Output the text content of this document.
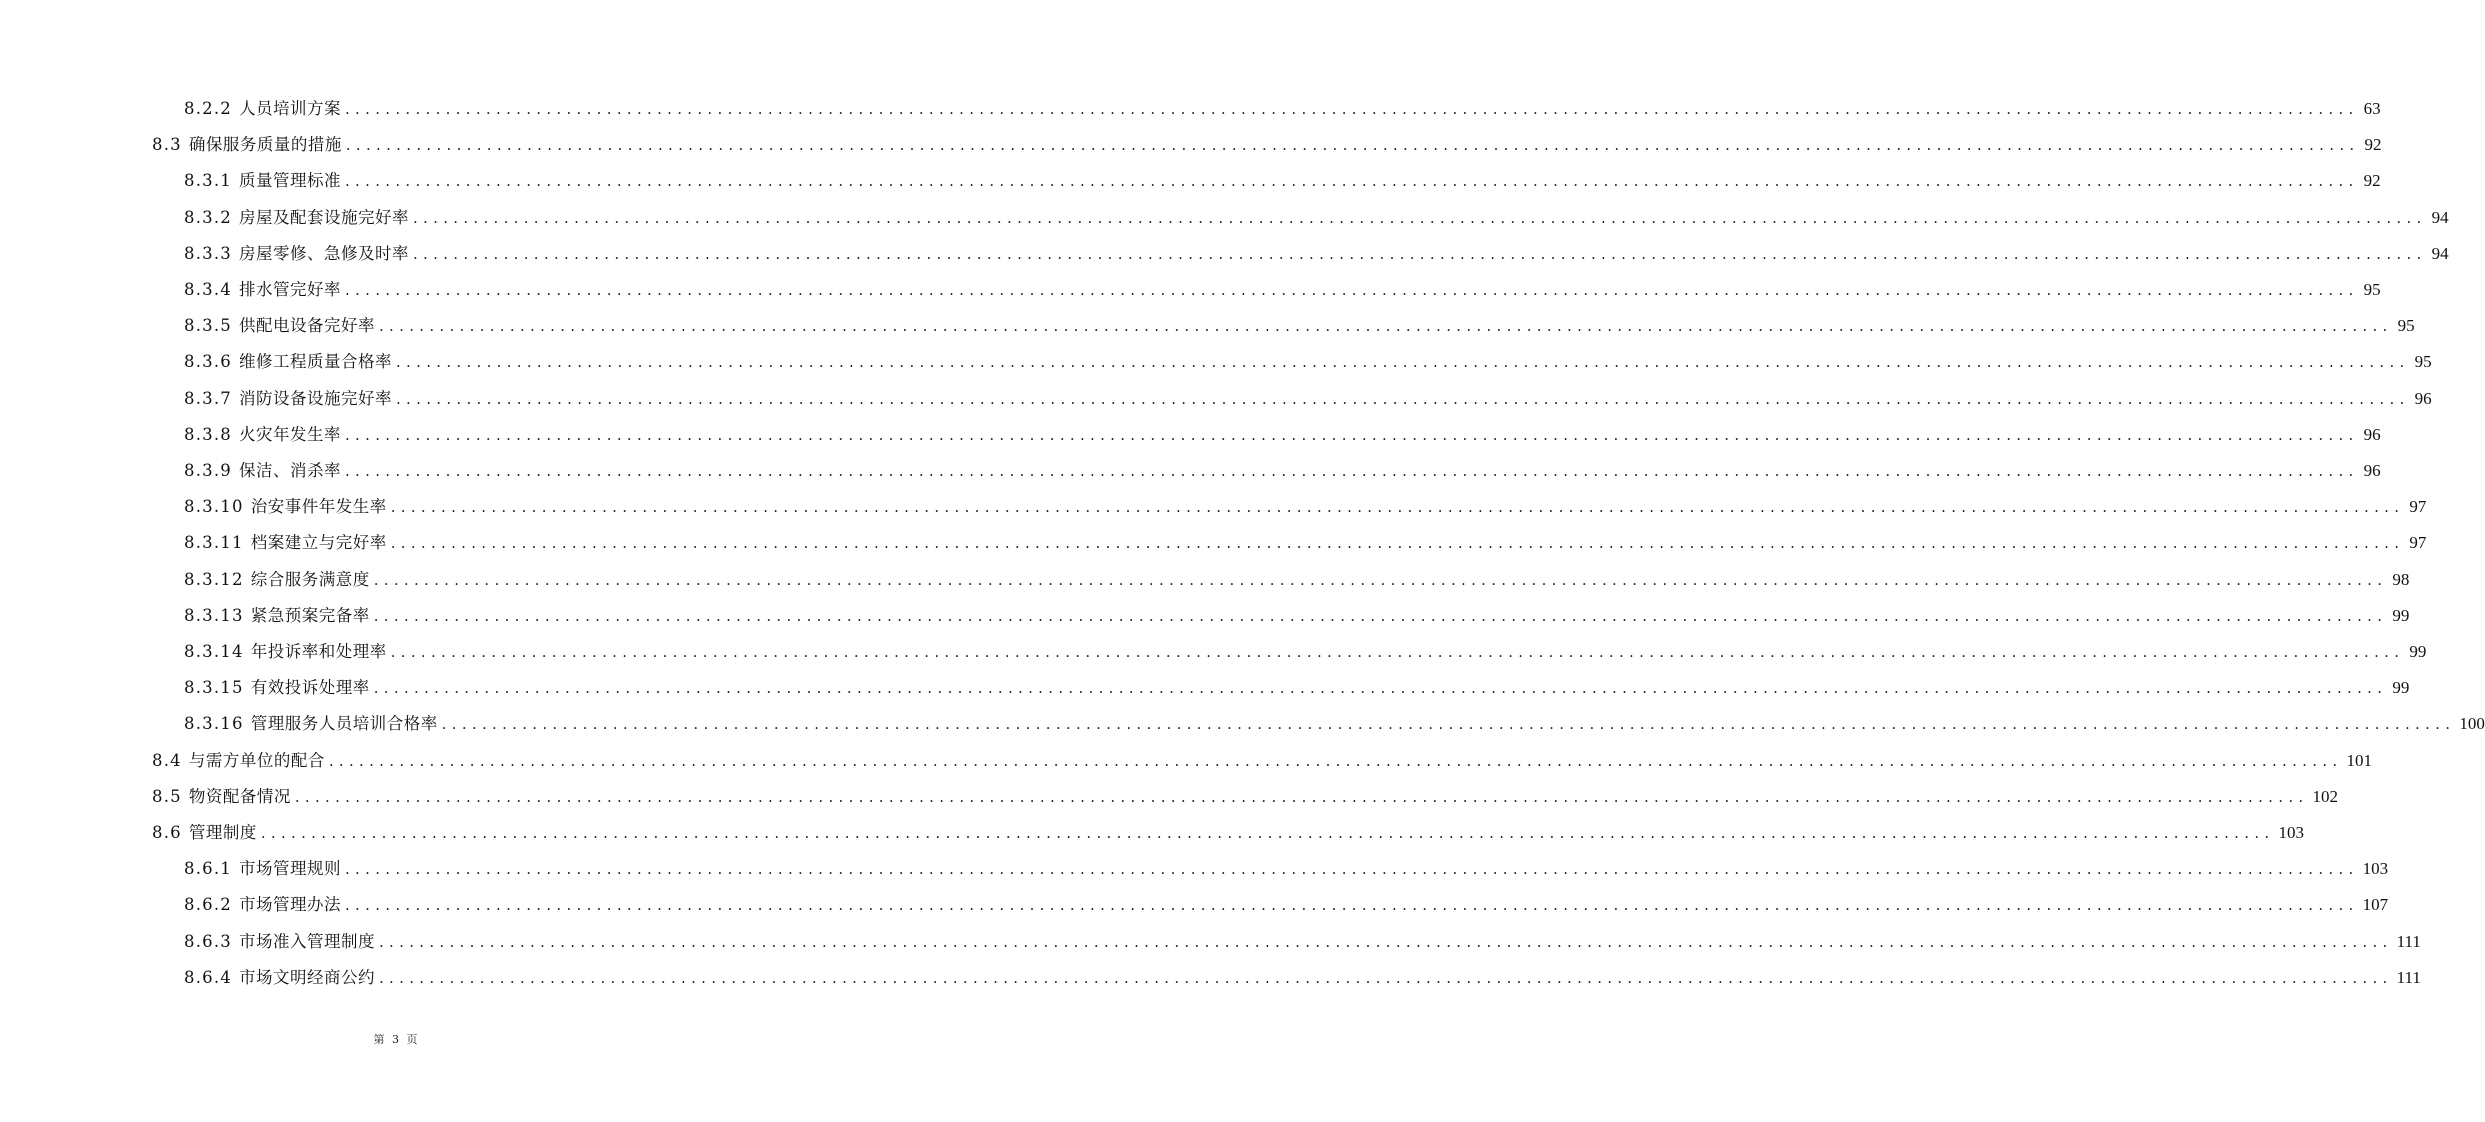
8.2.2 人员培训方案 ........................................................................................................................................................................................................ 63
8.3 确保服务质量的措施 ........................................................................................................................................................................................................ 92
8.3.1 质量管理标准 ........................................................................................................................................................................................................ 92
8.3.2 房屋及配套设施完好率 ........................................................................................................................................................................................................ 94
8.3.3 房屋零修、急修及时率 ........................................................................................................................................................................................................ 94
8.3.4 排水管完好率 ........................................................................................................................................................................................................ 95
8.3.5 供配电设备完好率 ........................................................................................................................................................................................................ 95
8.3.6 维修工程质量合格率 ........................................................................................................................................................................................................ 95
8.3.7 消防设备设施完好率 ........................................................................................................................................................................................................ 96
8.3.8 火灾年发生率 ........................................................................................................................................................................................................ 96
8.3.9 保洁、消杀率 ........................................................................................................................................................................................................ 96
8.3.10 治安事件年发生率 ........................................................................................................................................................................................................ 97
8.3.11 档案建立与完好率 ........................................................................................................................................................................................................ 97
8.3.12 综合服务满意度 ........................................................................................................................................................................................................ 98
8.3.13 紧急预案完备率 ........................................................................................................................................................................................................ 99
8.3.14 年投诉率和处理率 ........................................................................................................................................................................................................ 99
8.3.15 有效投诉处理率 ........................................................................................................................................................................................................ 99
8.3.16 管理服务人员培训合格率 ........................................................................................................................................................................................................ 100
8.4 与需方单位的配合 ........................................................................................................................................................................................................ 101
8.5 物资配备情况 ........................................................................................................................................................................................................ 102
8.6 管理制度 ........................................................................................................................................................................................................ 103
8.6.1 市场管理规则 ........................................................................................................................................................................................................ 103
8.6.2 市场管理办法 ........................................................................................................................................................................................................ 107
8.6.3 市场准入管理制度 ........................................................................................................................................................................................................ 111
8.6.4 市场文明经商公约 ........................................................................................................................................................................................................ 111
第 3 页
